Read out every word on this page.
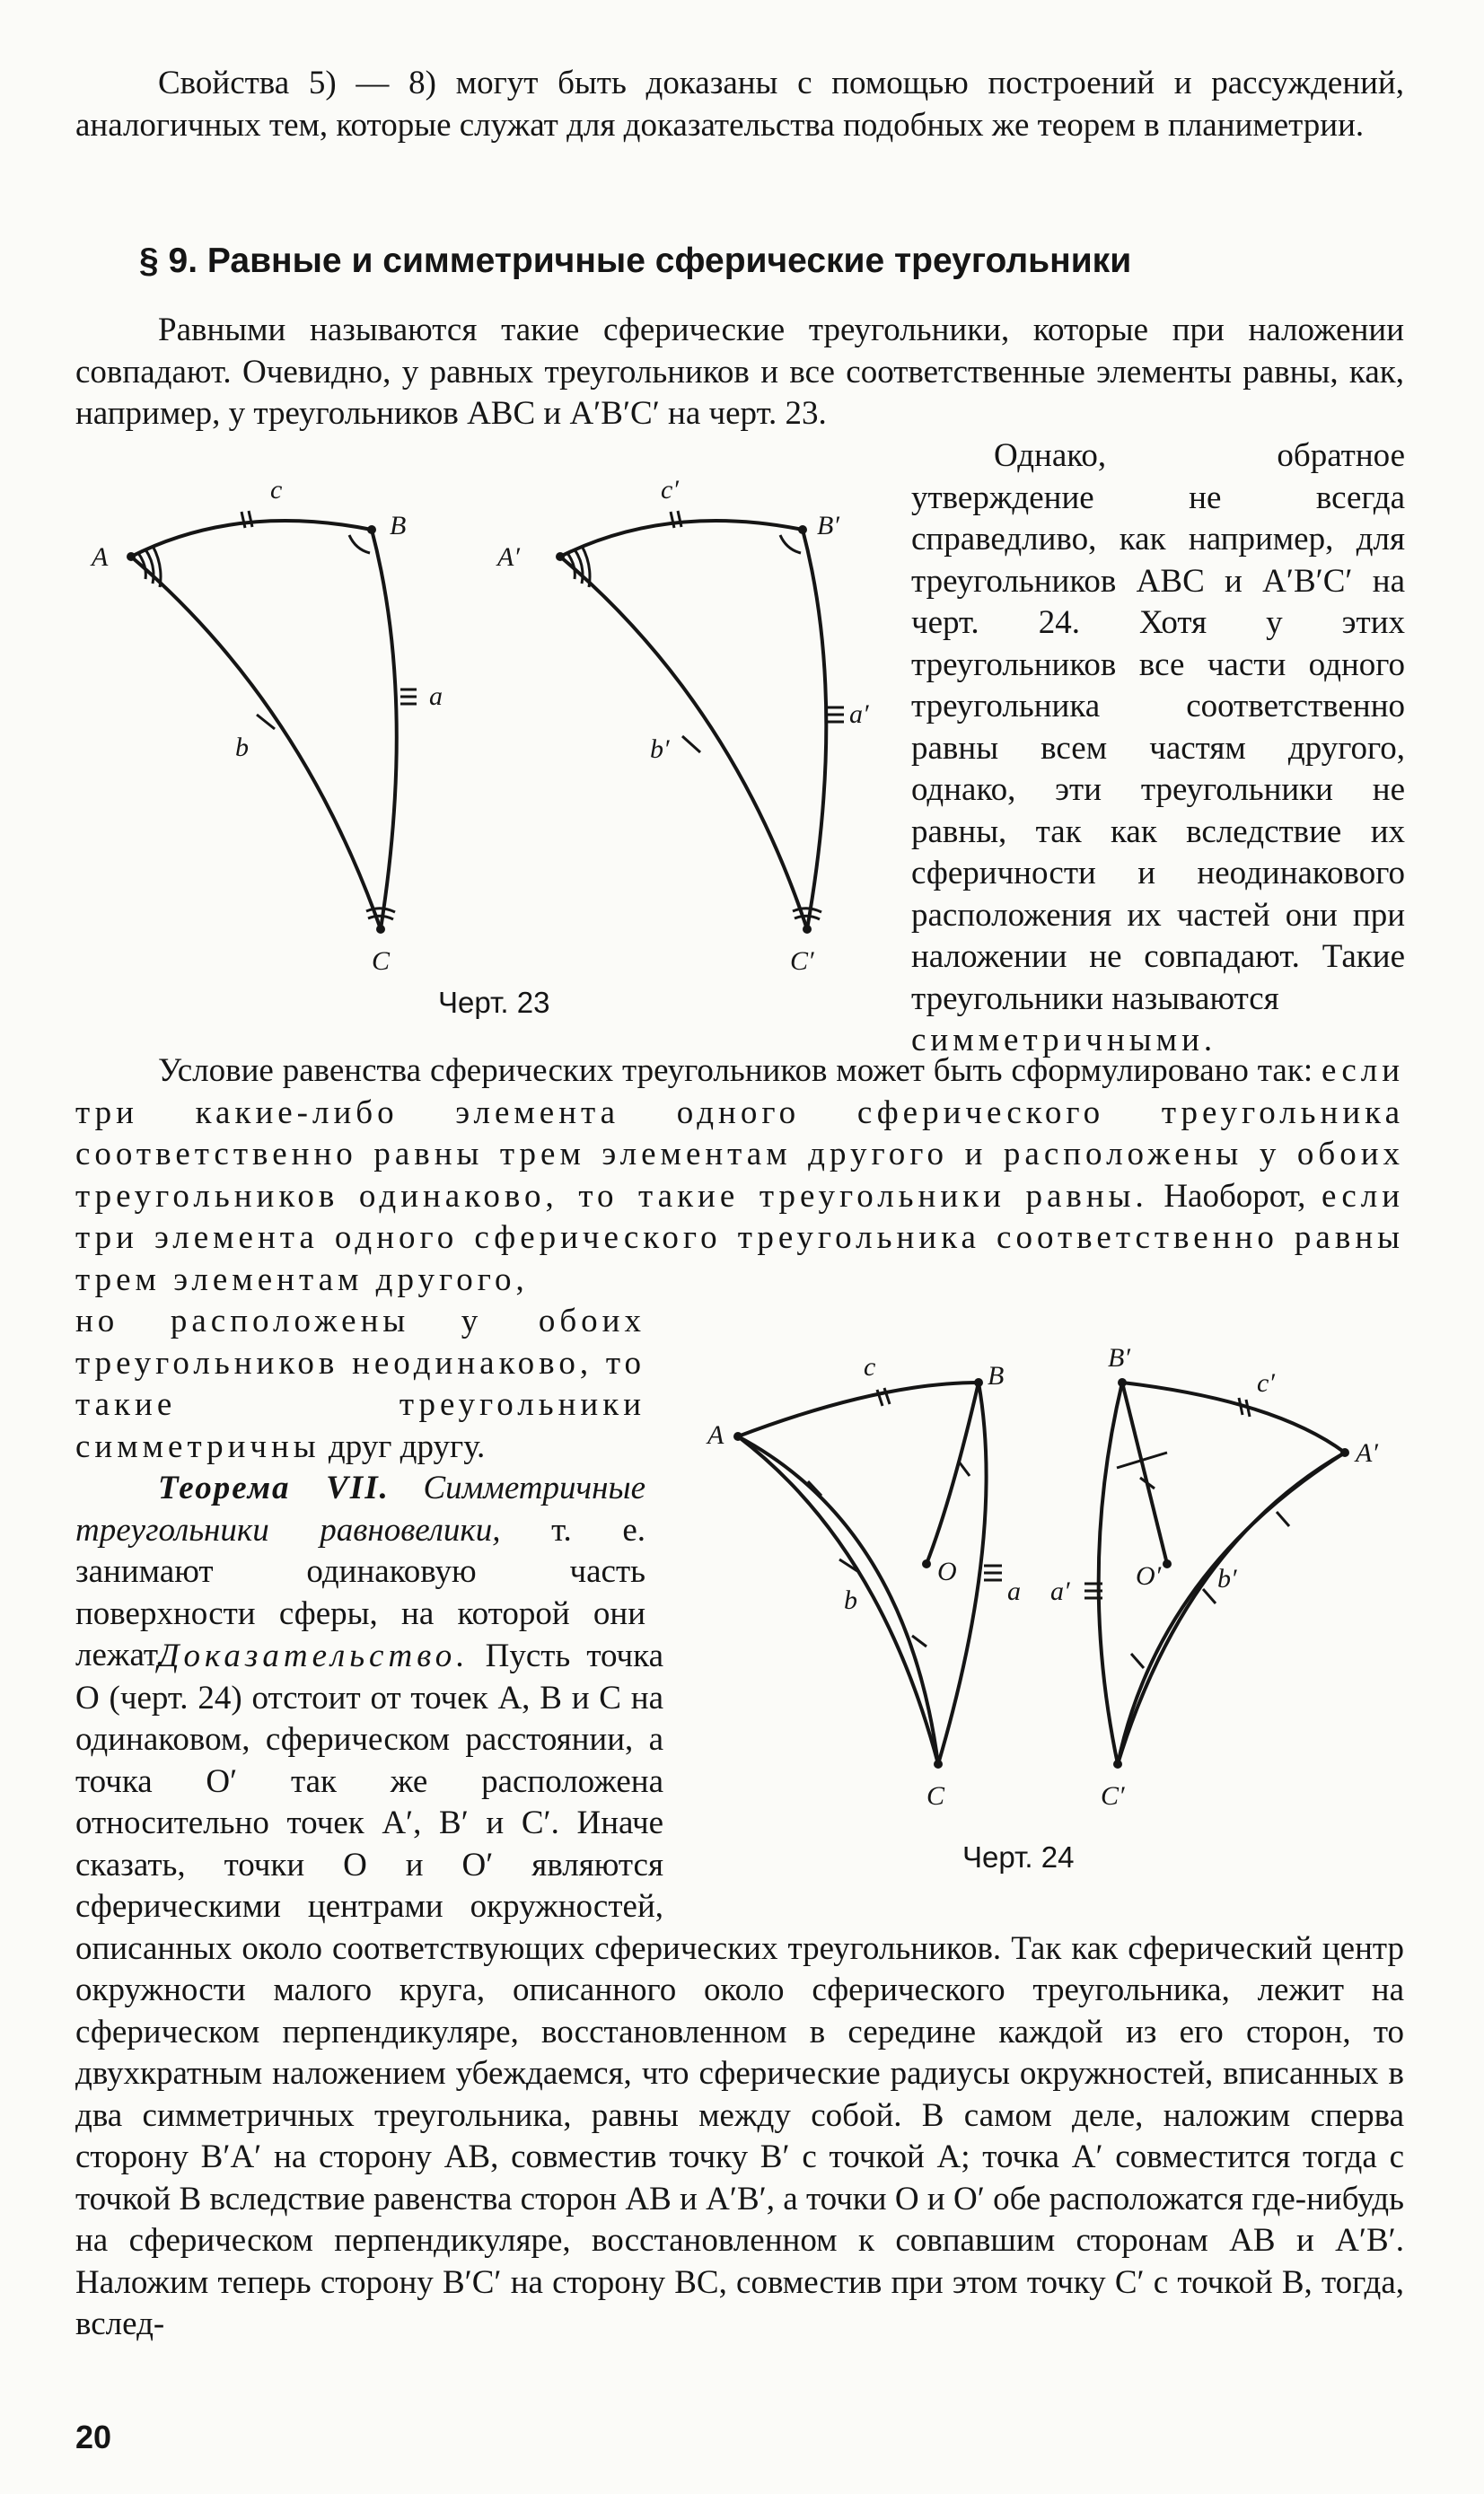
Свойства 5) — 8) могут быть доказаны с помощью построений и рассуждений, аналогичных тем, которые служат для доказательства подобных же теорем в планиметрии.

§ 9. Равные и симметричные сферические треугольники

Равными называются такие сферические треугольники, которые при наложении совпадают. Очевидно, у равных треугольников и все соответственные элементы равны, как, например, у треугольников ABC и A′B′C′ на черт. 23.

Однако, обратное утверждение не всегда справедливо, как например, для треугольников ABC и A′B′C′ на черт. 24. Хотя у этих треугольников все части одного треугольника соответственно равны всем частям другого, однако, эти треугольники не равны, так как вследствие их сферичности и неодинакового расположения их частей они при наложении не совпадают. Такие треугольники называются

симметричными.

A
B
C
a
b
c
A′
B′
C′
a′
b′
c′
Черт. 23

Условие равенства сферических треугольников может быть сформулировано так: если три какие-либо элемента одного сферического треугольника соответственно равны трем элементам другого и расположены у обоих треугольников одинаково, то такие треугольники равны. Наоборот, если три элемента одного сферического треугольника соответственно равны трем элементам другого,

но расположены у обоих треугольников неодинаково, то такие треугольники симметричны друг другу.

Теорема VII. Симметричные треугольники равновелики, т. е. занимают одинаковую часть поверхности сферы, на которой они лежат.

Доказательство. Пусть точка O (черт. 24) отстоит от точек A, B и C на одинаковом, сферическом расстоянии, а точка O′ так же расположена относительно точек A′, B′ и C′. Иначе сказать, точки O и O′ являются сферическими центрами окружностей, описанных около соответствующих сферических треугольников. Так как сферический центр окружности малого круга, описанного около сферического треугольника, лежит на сферическом перпендикуляре, восстановленном в середине каждой из его сторон, то двухкратным наложением убеждаемся, что сферические радиусы окружностей, вписанных в два симметричных треугольника, равны между собой. В самом деле, наложим сперва сторону B′A′ на сторону AB, совместив точку B′ с точкой A; точка A′ совместится тогда с точкой B вследствие равенства сторон AB и A′B′, а точки O и O′ обе расположатся где-нибудь на сферическом перпендикуляре, восстановленном к совпавшим сторонам AB и A′B′. Наложим теперь сторону B′C′ на сторону BC, совместив при этом точку C′ с точкой B, тогда, вслед-

A
B
C
a
b
c
O
A′
B′
C′
a′	b′
c′
O′
Черт. 24
20
